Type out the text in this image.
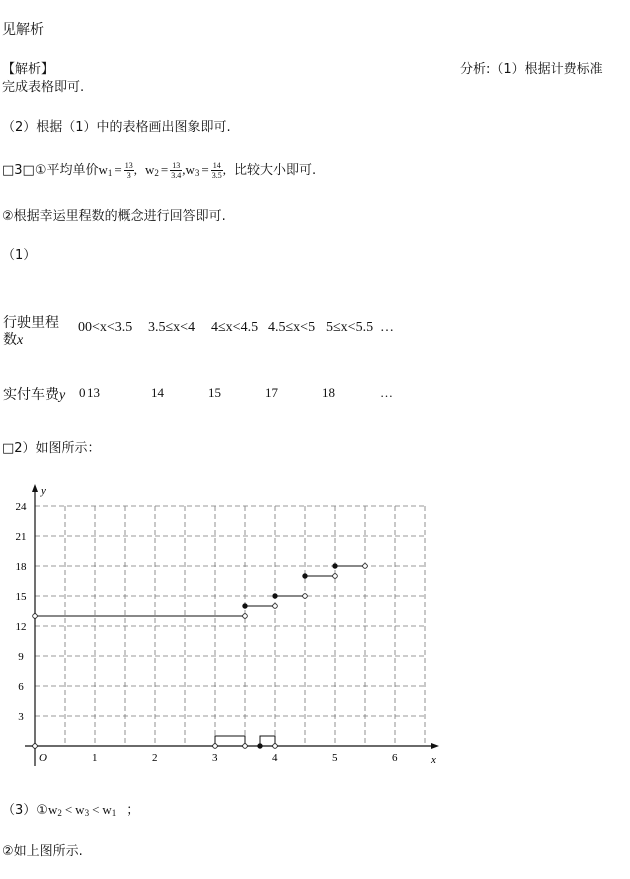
见解析
【解析】	分析:（1）根据计费标准
完成表格即可.
（2）根据（1）中的表格画出图象即可.
□3□①平均单价$w_1 = \frac{13}{3}$ , $w_2 = \frac{13}{3.4} ,w_3 = \frac{14}{3.5}$ , 比较大小即可.
②根据幸运里程数的概念进行回答即可.
（1）
行驶里程
数x
00<x<3.5 3.5≤x<4 4≤x<4.5 4.5≤x<5 5≤x<5.5 …
实付车费y 0 13	14	15	17	18	…
□2）如图所示：
x
y
O	1	2	3	4	5	6
3
6
9
12
15
18
21
24
$(3)①w_2 < w_3 < w_1$ ；
②如上图所示.
